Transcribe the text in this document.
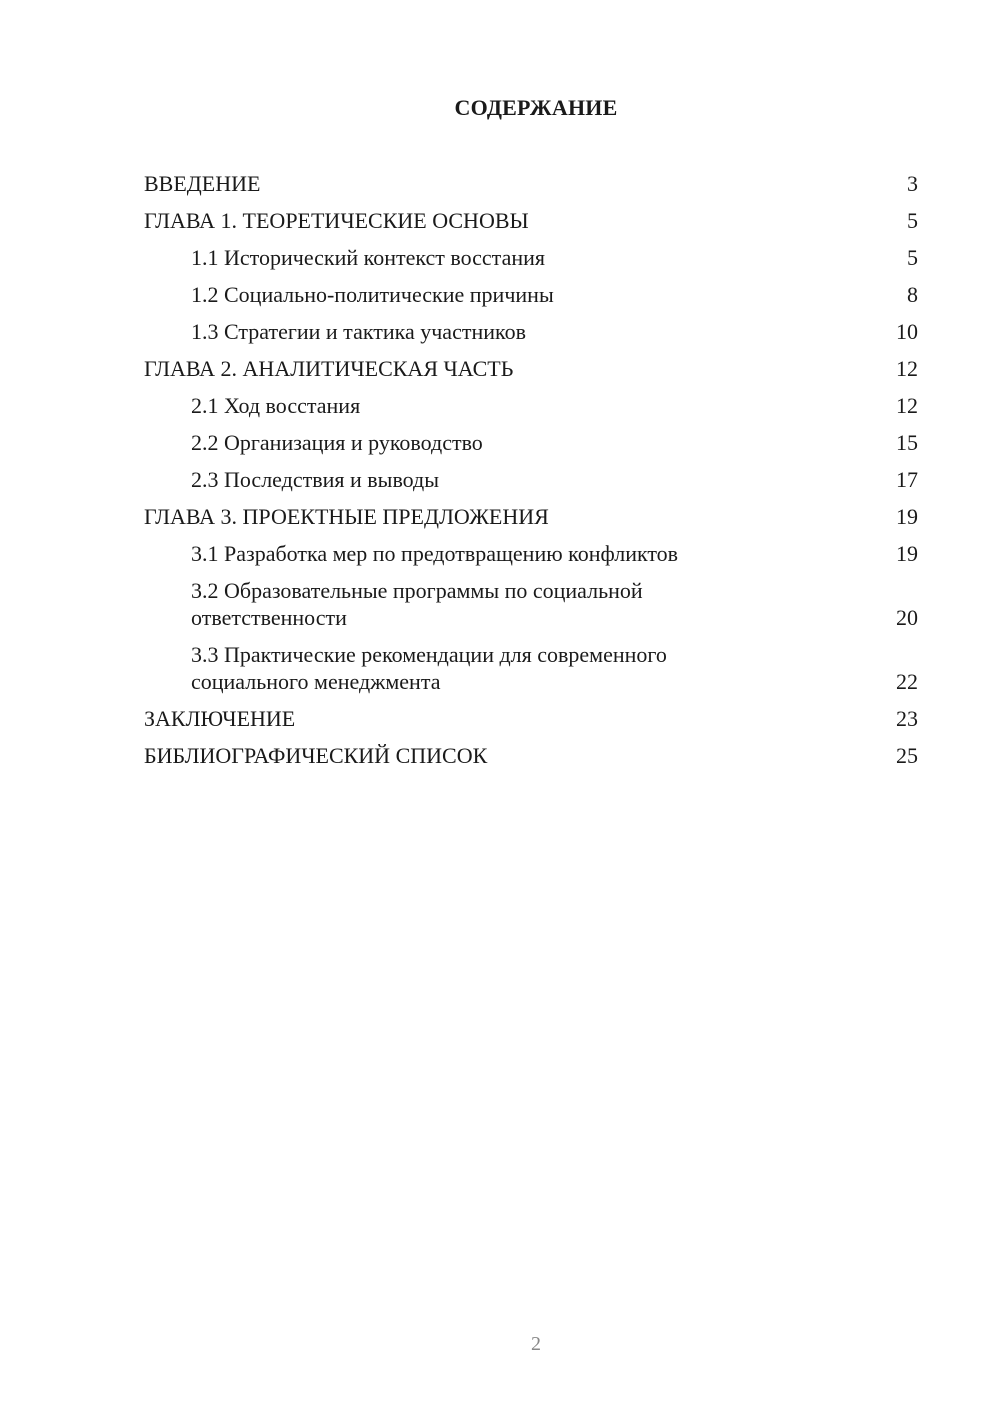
СОДЕРЖАНИЕ
ВВЕДЕНИЕ	3
ГЛАВА 1. ТЕОРЕТИЧЕСКИЕ ОСНОВЫ	5
1.1 Исторический контекст восстания	5
1.2 Социально-политические причины	8
1.3 Стратегии и тактика участников	10
ГЛАВА 2. АНАЛИТИЧЕСКАЯ ЧАСТЬ	12
2.1 Ход восстания	12
2.2 Организация и руководство	15
2.3 Последствия и выводы	17
ГЛАВА 3. ПРОЕКТНЫЕ ПРЕДЛОЖЕНИЯ	19
3.1 Разработка мер по предотвращению конфликтов	19
3.2 Образовательные программы по социальной ответственности	20
3.3 Практические рекомендации для современного социального менеджмента	22
ЗАКЛЮЧЕНИЕ	23
БИБЛИОГРАФИЧЕСКИЙ СПИСОК	25
2
